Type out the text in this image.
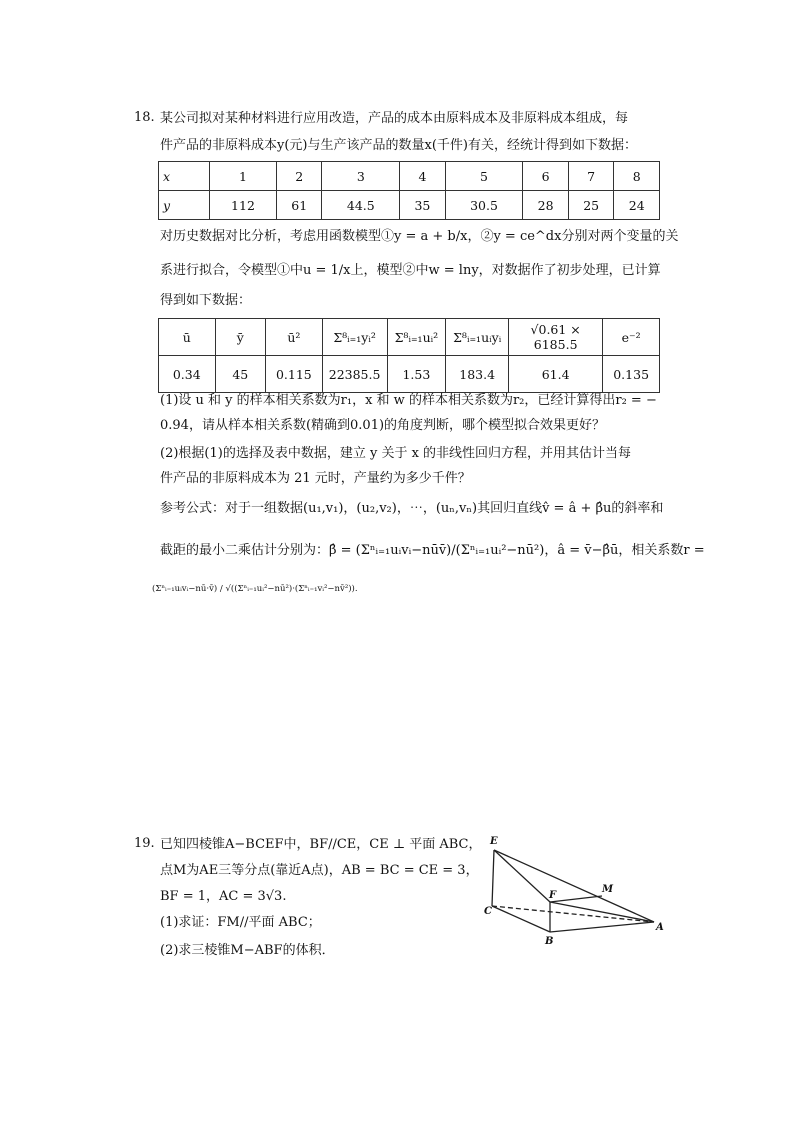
18. 某公司拟对某种材料进行应用改造，产品的成本由原料成本及非原料成本组成，每
件产品的非原料成本y(元)与生产该产品的数量x(千件)有关，经统计得到如下数据：
x	1	2	3	4	5	6	7	8
y	112	61	44.5	35	30.5	28	25	24
对历史数据对比分析，考虑用函数模型①y = a + b/x，②y = ce^dx分别对两个变量的关
系进行拟合，令模型①中u = 1/x上，模型②中w = lny，对数据作了初步处理，已计算
得到如下数据：
ū	ȳ	ū²	Σ⁸ᵢ₌₁yᵢ²	Σ⁸ᵢ₌₁uᵢ²	Σ⁸ᵢ₌₁uᵢyᵢ	√0.61 × 6185.5	e⁻²
0.34	45	0.115	22385.5	1.53	183.4	61.4	0.135
(1)设 u 和 y 的样本相关系数为r₁，x 和 w 的样本相关系数为r₂，已经计算得出r₂ = −
0.94，请从样本相关系数(精确到0.01)的角度判断，哪个模型拟合效果更好？
(2)根据(1)的选择及表中数据，建立 y 关于 x 的非线性回归方程，并用其估计当每
件产品的非原料成本为 21 元时，产量约为多少千件？
参考公式：对于一组数据(u₁,v₁)，(u₂,v₂)，⋯，(uₙ,vₙ)其回归直线v̂ = â + β̂u的斜率和
截距的最小二乘估计分别为：β̂ = (Σⁿᵢ₌₁uᵢvᵢ−nūv̄)/(Σⁿᵢ₌₁uᵢ²−nū²)，â = v̄−β̂ū，相关系数r =
(Σⁿᵢ₌₁uᵢvᵢ−nū·v̄) / √((Σⁿᵢ₌₁uᵢ²−nū²)·(Σⁿᵢ₌₁vᵢ²−nv̄²)).
19. 已知四棱锥A−BCEF中，BF//CE，CE ⊥ 平面 ABC，
点M为AE三等分点(靠近A点)，AB = BC = CE = 3，
BF = 1，AC = 3√3.
(1)求证：FM//平面 ABC；
(2)求三棱锥M−ABF的体积．
E
F
M
C
B
A
